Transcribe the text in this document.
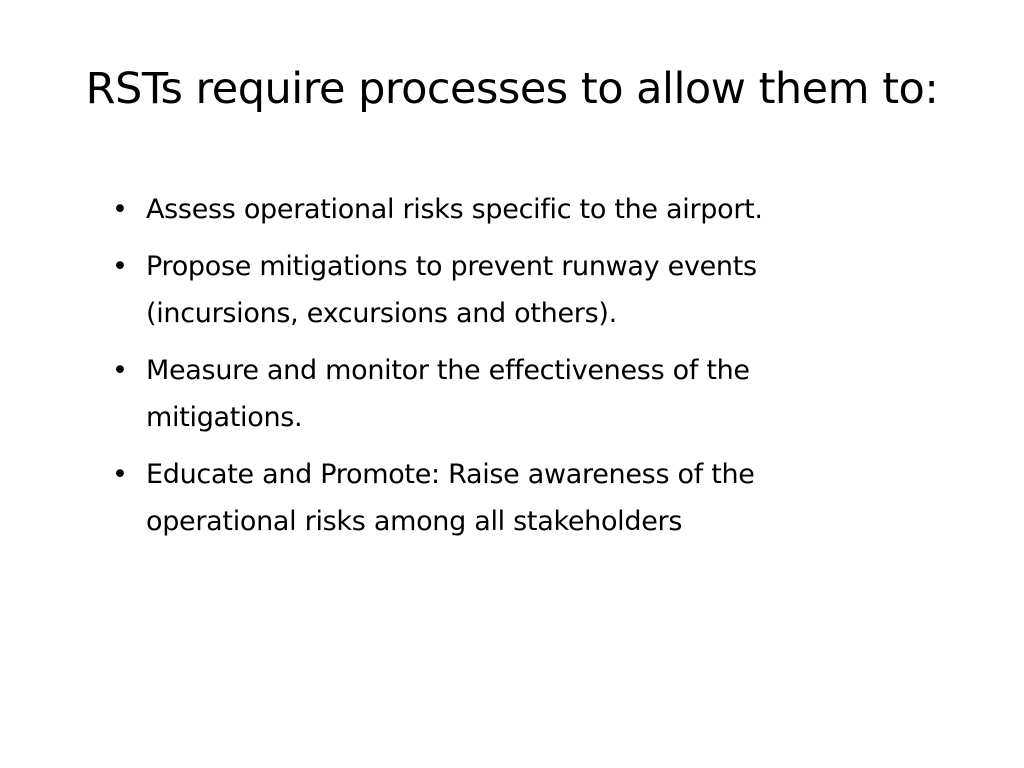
RSTs require processes to allow them to:
• Assess operational risks specific to the airport.
• Propose mitigations to prevent runway events (incursions, excursions and others).
• Measure and monitor the effectiveness of the mitigations.
• Educate and Promote: Raise awareness of the operational risks among all stakeholders
